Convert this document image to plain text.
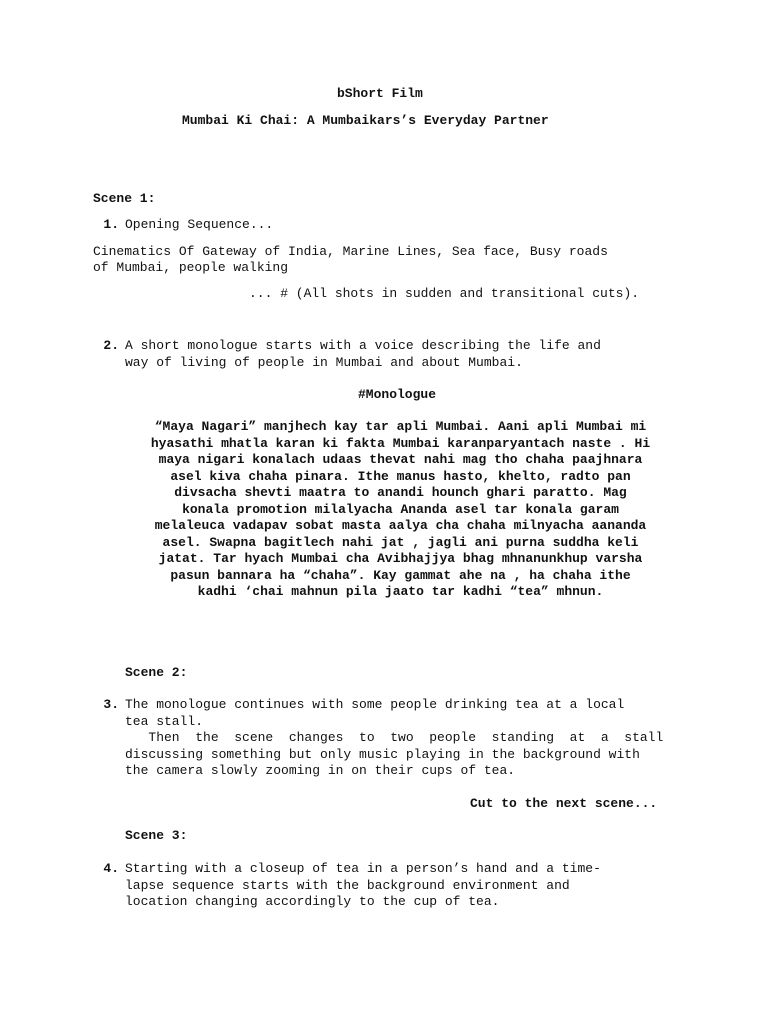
bShort Film
Mumbai Ki Chai: A Mumbaikars’s Everyday Partner
Scene 1:
1. Opening Sequence...
Cinematics Of Gateway of India, Marine Lines, Sea face, Busy roads
of Mumbai, people walking
... # (All shots in sudden and transitional cuts).
2. A short monologue starts with a voice describing the life and
way of living of people in Mumbai and about Mumbai.
#Monologue
“Maya Nagari” manjhech kay tar apli Mumbai. Aani apli Mumbai mi
hyasathi mhatla karan ki fakta Mumbai karanparyantach naste . Hi
maya nigari konalach udaas thevat nahi mag tho chaha paajhnara
asel kiva chaha pinara. Ithe manus hasto, khelto, radto pan
divsacha shevti maatra to anandi hounch ghari paratto. Mag
konala promotion milalyacha Ananda asel tar konala garam
melaleuca vadapav sobat masta aalya cha chaha milnyacha aananda
asel. Swapna bagitlech nahi jat , jagli ani purna suddha keli
jatat. Tar hyach Mumbai cha Avibhajjya bhag mhnanunkhup varsha
pasun bannara ha “chaha”. Kay gammat ahe na , ha chaha ithe
kadhi ‘chai mahnun pila jaato tar kadhi “tea” mhnun.
Scene 2:
3. The monologue continues with some people drinking tea at a local
tea stall.
Then  the  scene  changes  to  two  people  standing  at  a  stall
discussing something but only music playing in the background with
the camera slowly zooming in on their cups of tea.
Cut to the next scene...
Scene 3:
4. Starting with a closeup of tea in a person’s hand and a time-
lapse sequence starts with the background environment and
location changing accordingly to the cup of tea.
